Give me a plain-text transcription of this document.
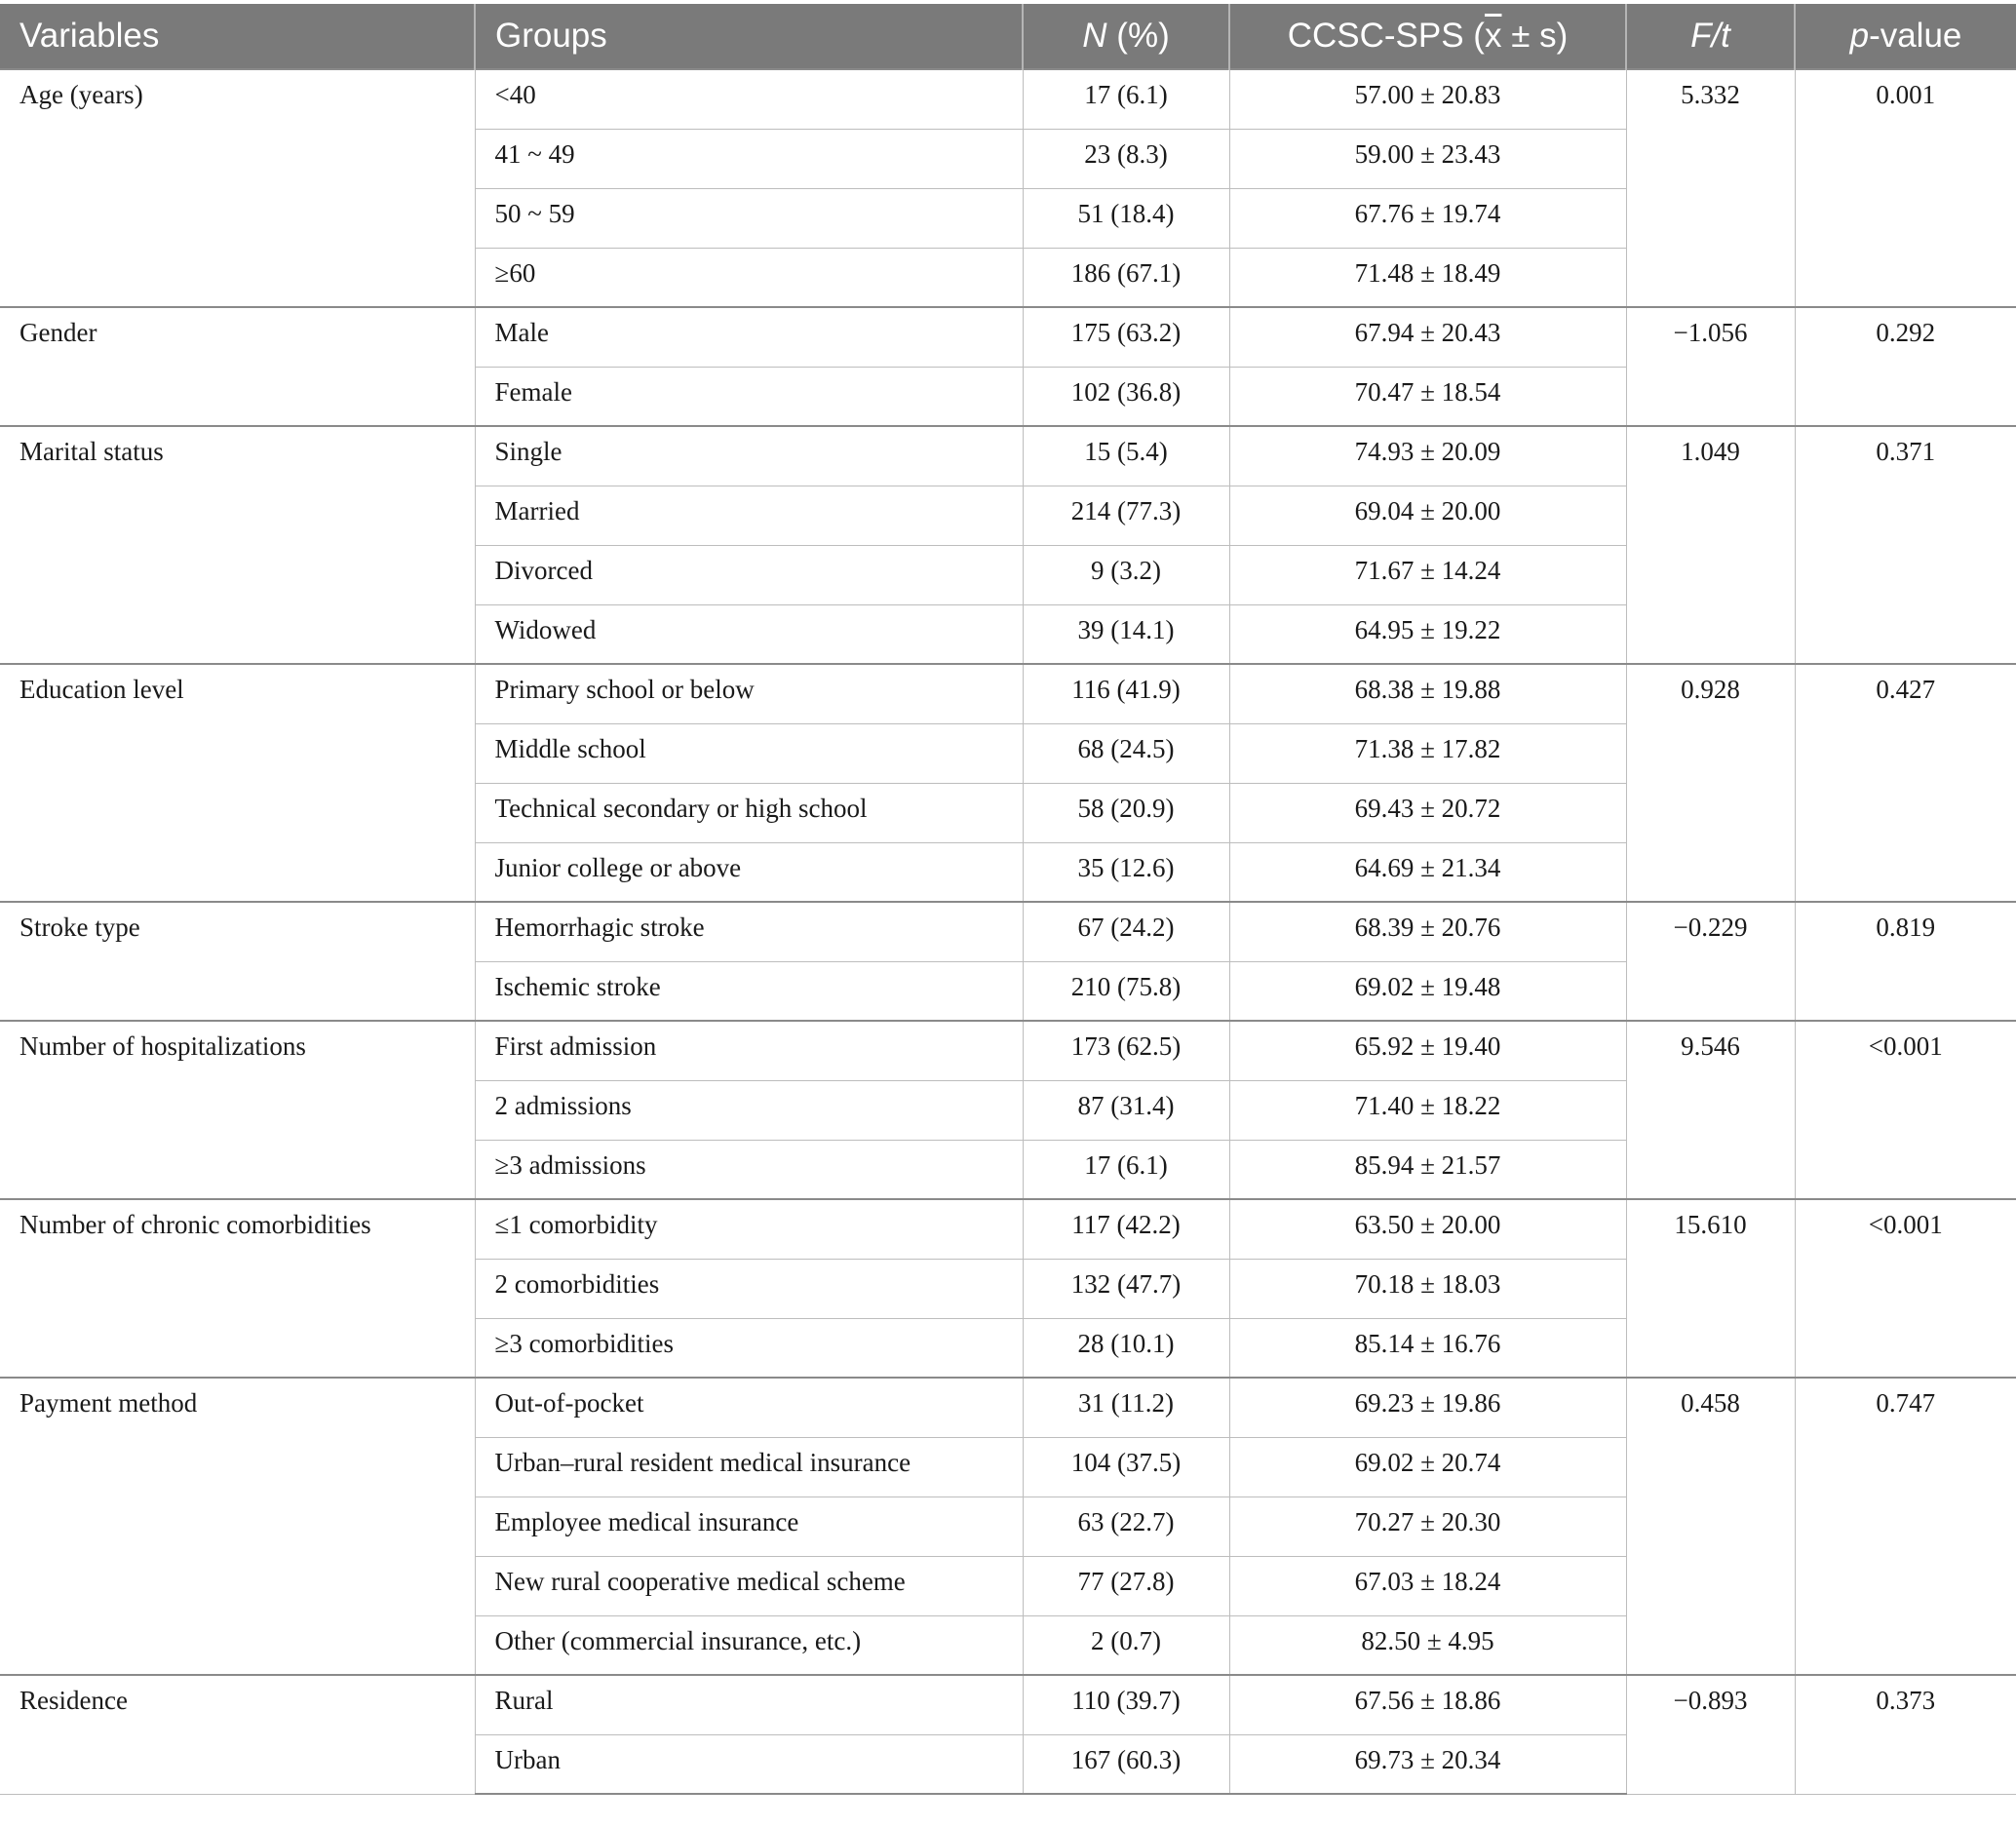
Variables	Groups	N (%)	CCSC-SPS $(\overline{x} \pm s)$	F/t	p-value
Age (years)	<40	17 (6.1)	57.00 ± 20.83	5.332	0.001
	41 ~ 49	23 (8.3)	59.00 ± 23.43		
	50 ~ 59	51 (18.4)	67.76 ± 19.74		
	≥60	186 (67.1)	71.48 ± 18.49		
Gender	Male	175 (63.2)	67.94 ± 20.43	−1.056	0.292
	Female	102 (36.8)	70.47 ± 18.54		
Marital status	Single	15 (5.4)	74.93 ± 20.09	1.049	0.371
	Married	214 (77.3)	69.04 ± 20.00		
	Divorced	9 (3.2)	71.67 ± 14.24		
	Widowed	39 (14.1)	64.95 ± 19.22		
Education level	Primary school or below	116 (41.9)	68.38 ± 19.88	0.928	0.427
	Middle school	68 (24.5)	71.38 ± 17.82		
	Technical secondary or high school	58 (20.9)	69.43 ± 20.72		
	Junior college or above	35 (12.6)	64.69 ± 21.34		
Stroke type	Hemorrhagic stroke	67 (24.2)	68.39 ± 20.76	−0.229	0.819
	Ischemic stroke	210 (75.8)	69.02 ± 19.48		
Number of hospitalizations	First admission	173 (62.5)	65.92 ± 19.40	9.546	<0.001
	2 admissions	87 (31.4)	71.40 ± 18.22		
	≥3 admissions	17 (6.1)	85.94 ± 21.57		
Number of chronic comorbidities	≤1 comorbidity	117 (42.2)	63.50 ± 20.00	15.610	<0.001
	2 comorbidities	132 (47.7)	70.18 ± 18.03		
	≥3 comorbidities	28 (10.1)	85.14 ± 16.76		
Payment method	Out-of-pocket	31 (11.2)	69.23 ± 19.86	0.458	0.747
	Urban–rural resident medical insurance	104 (37.5)	69.02 ± 20.74		
	Employee medical insurance	63 (22.7)	70.27 ± 20.30		
	New rural cooperative medical scheme	77 (27.8)	67.03 ± 18.24		
	Other (commercial insurance, etc.)	2 (0.7)	82.50 ± 4.95		
Residence	Rural	110 (39.7)	67.56 ± 18.86	−0.893	0.373
	Urban	167 (60.3)	69.73 ± 20.34		
